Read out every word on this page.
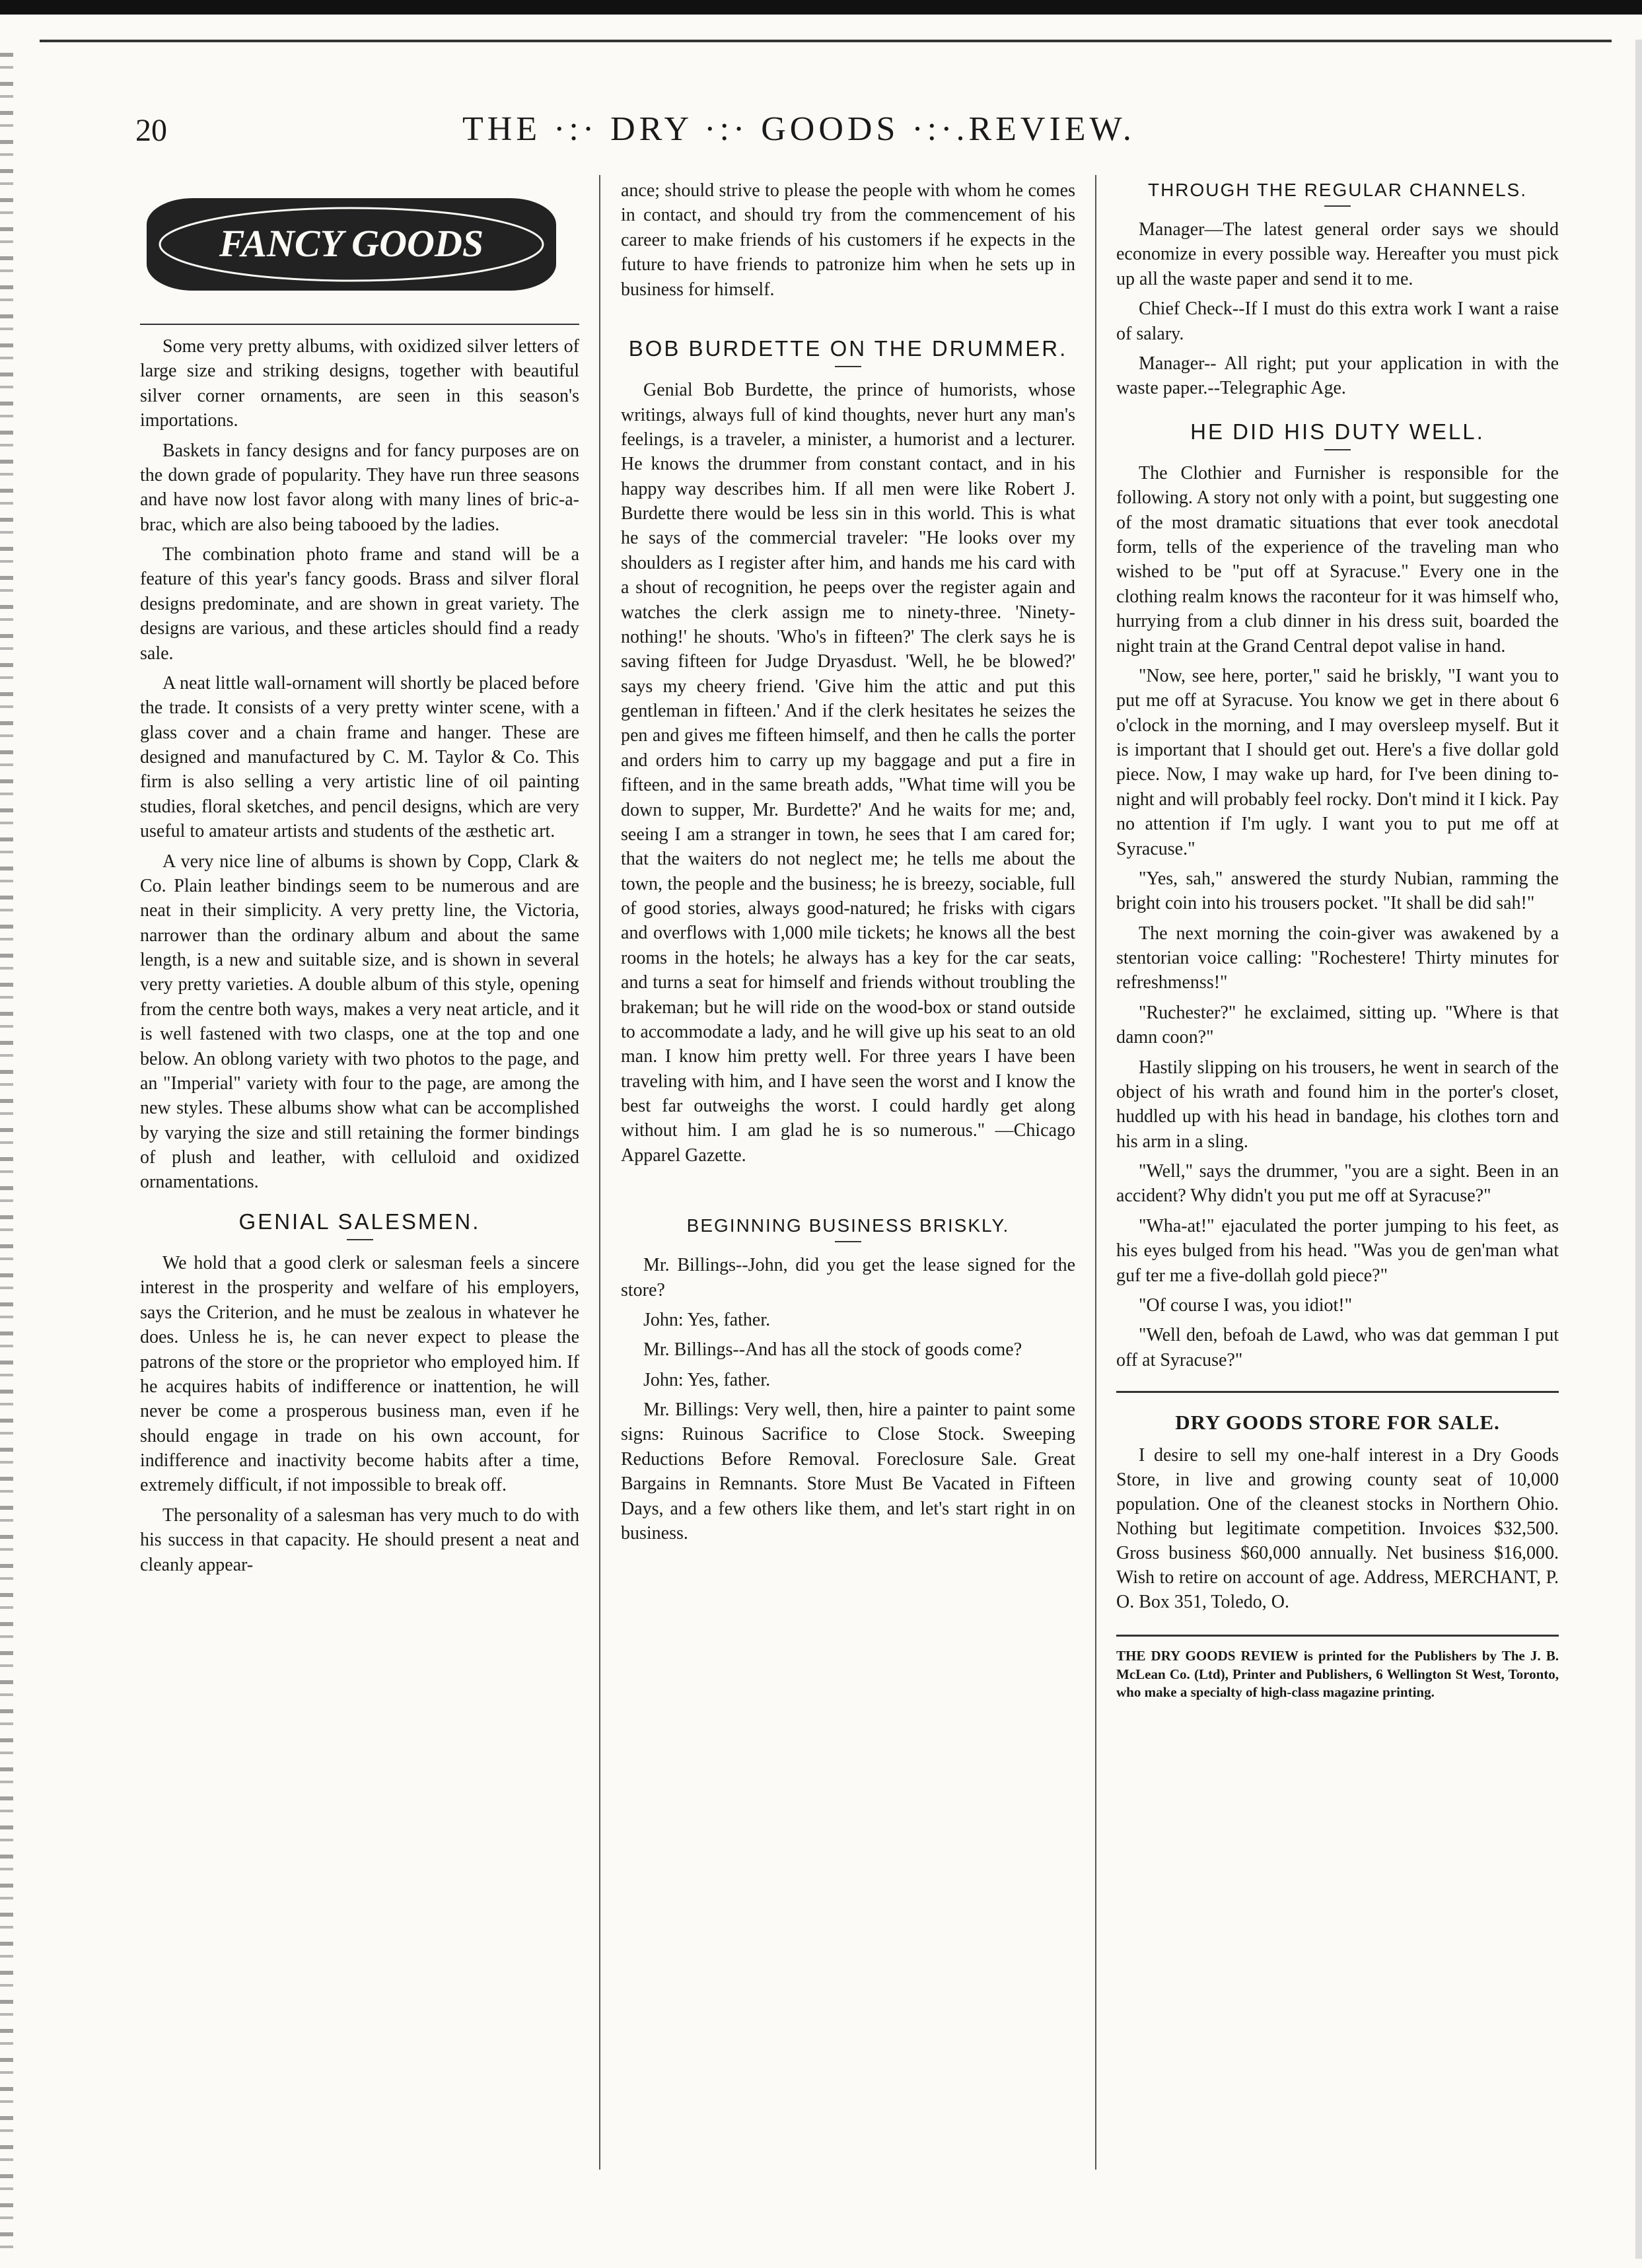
20	THE ·:· DRY ·:· GOODS ·:·.REVIEW.
FANCY GOODS

Some very pretty albums, with oxidized silver letters of large size and striking designs, together with beautiful silver corner ornaments, are seen in this season's importations.

Baskets in fancy designs and for fancy purposes are on the down grade of popularity. They have run three seasons and have now lost favor along with many lines of bric-a-brac, which are also being tabooed by the ladies.

The combination photo frame and stand will be a feature of this year's fancy goods. Brass and silver floral designs predominate, and are shown in great variety. The designs are various, and these articles should find a ready sale.

A neat little wall-ornament will shortly be placed before the trade. It consists of a very pretty winter scene, with a glass cover and a chain frame and hanger. These are designed and manufactured by C. M. Taylor & Co. This firm is also selling a very artistic line of oil painting studies, floral sketches, and pencil designs, which are very useful to amateur artists and students of the æsthetic art.

A very nice line of albums is shown by Copp, Clark & Co. Plain leather bindings seem to be numerous and are neat in their simplicity. A very pretty line, the Victoria, narrower than the ordinary album and about the same length, is a new and suitable size, and is shown in several very pretty varieties. A double album of this style, opening from the centre both ways, makes a very neat article, and it is well fastened with two clasps, one at the top and one below. An oblong variety with two photos to the page, and an "Imperial" variety with four to the page, are among the new styles. These albums show what can be accomplished by varying the size and still retaining the former bindings of plush and leather, with celluloid and oxidized ornamentations.

GENIAL SALESMEN.

We hold that a good clerk or salesman feels a sincere interest in the prosperity and welfare of his employers, says the Criterion, and he must be zealous in whatever he does. Unless he is, he can never expect to please the patrons of the store or the proprietor who employed him. If he acquires habits of indifference or inattention, he will never be come a prosperous business man, even if he should engage in trade on his own account, for indifference and inactivity become habits after a time, extremely difficult, if not impossible to break off.

The personality of a salesman has very much to do with his success in that capacity. He should present a neat and cleanly appear-

ance; should strive to please the people with whom he comes in contact, and should try from the commencement of his career to make friends of his customers if he expects in the future to have friends to patronize him when he sets up in business for himself.

BOB BURDETTE ON THE DRUMMER.

Genial Bob Burdette, the prince of humorists, whose writings, always full of kind thoughts, never hurt any man's feelings, is a traveler, a minister, a humorist and a lecturer. He knows the drummer from constant contact, and in his happy way describes him. If all men were like Robert J. Burdette there would be less sin in this world. This is what he says of the commercial traveler: "He looks over my shoulders as I register after him, and hands me his card with a shout of recognition, he peeps over the register again and watches the clerk assign me to ninety-three. 'Ninety-nothing!' he shouts. 'Who's in fifteen?' The clerk says he is saving fifteen for Judge Dryasdust. 'Well, he be blowed?' says my cheery friend. 'Give him the attic and put this gentleman in fifteen.' And if the clerk hesitates he seizes the pen and gives me fifteen himself, and then he calls the porter and orders him to carry up my baggage and put a fire in fifteen, and in the same breath adds, "What time will you be down to supper, Mr. Burdette?' And he waits for me; and, seeing I am a stranger in town, he sees that I am cared for; that the waiters do not neglect me; he tells me about the town, the people and the business; he is breezy, sociable, full of good stories, always good-natured; he frisks with cigars and overflows with 1,000 mile tickets; he knows all the best rooms in the hotels; he always has a key for the car seats, and turns a seat for himself and friends without troubling the brakeman; but he will ride on the wood-box or stand outside to accommodate a lady, and he will give up his seat to an old man. I know him pretty well. For three years I have been traveling with him, and I have seen the worst and I know the best far outweighs the worst. I could hardly get along without him. I am glad he is so numerous." —Chicago Apparel Gazette.

BEGINNING BUSINESS BRISKLY.

Mr. Billings--John, did you get the lease signed for the store?

John: Yes, father.

Mr. Billings--And has all the stock of goods come?

John: Yes, father.

Mr. Billings: Very well, then, hire a painter to paint some signs: Ruinous Sacrifice to Close Stock. Sweeping Reductions Before Removal. Foreclosure Sale. Great Bargains in Remnants. Store Must Be Vacated in Fifteen Days, and a few others like them, and let's start right in on business.

THROUGH THE REGULAR CHANNELS.

Manager—The latest general order says we should economize in every possible way. Hereafter you must pick up all the waste paper and send it to me.

Chief Check--If I must do this extra work I want a raise of salary.

Manager-- All right; put your application in with the waste paper.--Telegraphic Age.

HE DID HIS DUTY WELL.

The Clothier and Furnisher is responsible for the following. A story not only with a point, but suggesting one of the most dramatic situations that ever took anecdotal form, tells of the experience of the traveling man who wished to be "put off at Syracuse." Every one in the clothing realm knows the raconteur for it was himself who, hurrying from a club dinner in his dress suit, boarded the night train at the Grand Central depot valise in hand.

"Now, see here, porter," said he briskly, "I want you to put me off at Syracuse. You know we get in there about 6 o'clock in the morning, and I may oversleep myself. But it is important that I should get out. Here's a five dollar gold piece. Now, I may wake up hard, for I've been dining to-night and will probably feel rocky. Don't mind it I kick. Pay no attention if I'm ugly. I want you to put me off at Syracuse."

"Yes, sah," answered the sturdy Nubian, ramming the bright coin into his trousers pocket. "It shall be did sah!"

The next morning the coin-giver was awakened by a stentorian voice calling: "Rochestere! Thirty minutes for refreshmenss!"

"Ruchester?" he exclaimed, sitting up. "Where is that damn coon?"

Hastily slipping on his trousers, he went in search of the object of his wrath and found him in the porter's closet, huddled up with his head in bandage, his clothes torn and his arm in a sling.

"Well," says the drummer, "you are a sight. Been in an accident? Why didn't you put me off at Syracuse?"

"Wha-at!" ejaculated the porter jumping to his feet, as his eyes bulged from his head. "Was you de gen'man what guf ter me a five-dollah gold piece?"

"Of course I was, you idiot!"

"Well den, befoah de Lawd, who was dat gemman I put off at Syracuse?"

DRY GOODS STORE FOR SALE.
I desire to sell my one-half interest in a Dry Goods Store, in live and growing county seat of 10,000 population. One of the cleanest stocks in Northern Ohio. Nothing but legitimate competition. Invoices $32,500. Gross business $60,000 annually. Net business $16,000. Wish to retire on account of age. Address, MERCHANT, P. O. Box 351, Toledo, O.
THE DRY GOODS REVIEW is printed for the Publishers by The J. B. McLean Co. (Ltd), Printer and Publishers, 6 Wellington St West, Toronto, who make a specialty of high-class magazine printing.
